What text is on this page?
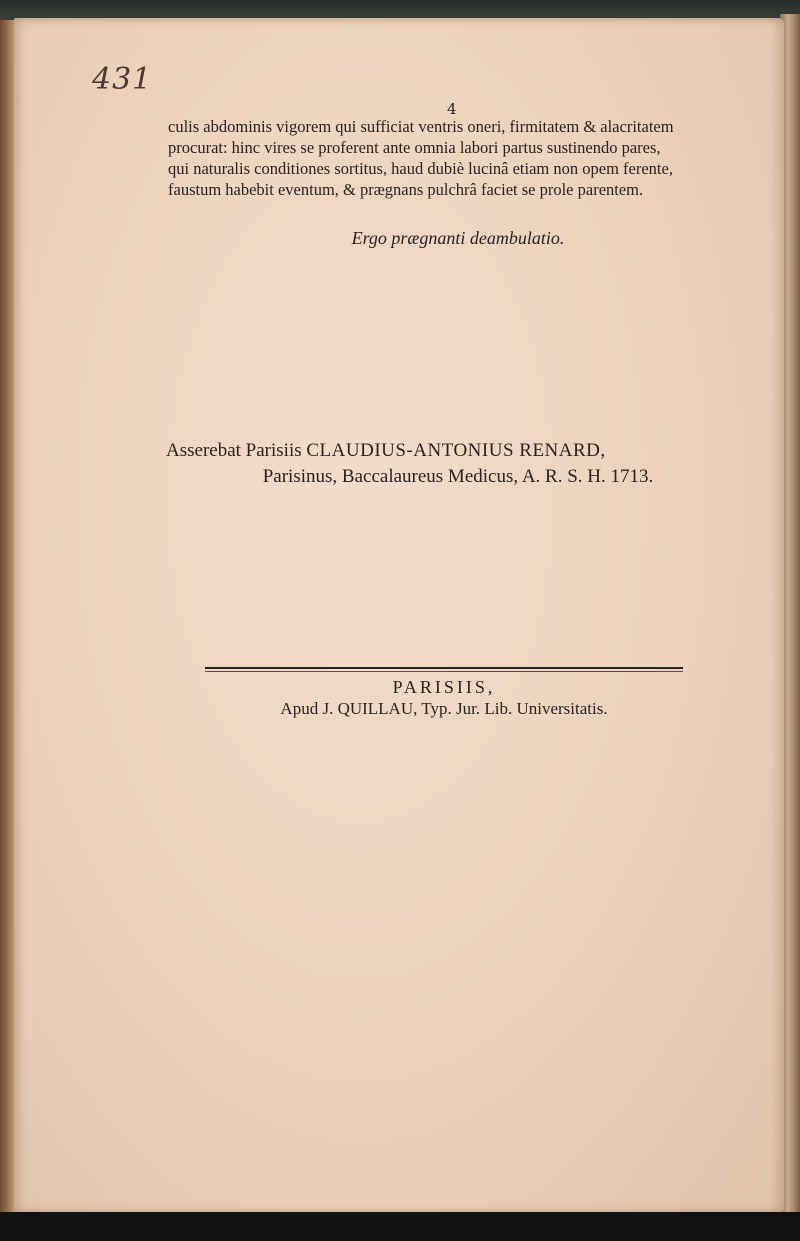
431
4
culis abdominis vigorem qui sufficiat ventris oneri, firmitatem & alacritatem
procurat: hinc vires se proferent ante omnia labori partus sustinendo pares,
qui naturalis conditiones sortitus, haud dubiè lucinâ etiam non opem ferente,
faustum habebit eventum, & prægnans pulchrâ faciet se prole parentem.
Ergo prægnanti deambulatio.
Asserebat Parisiis CLAUDIUS-ANTONIUS RENARD,
Parisinus, Baccalaureus Medicus, A. R. S. H. 1713.
PARISIIS,
Apud J. QUILLAU, Typ. Jur. Lib. Universitatis.
